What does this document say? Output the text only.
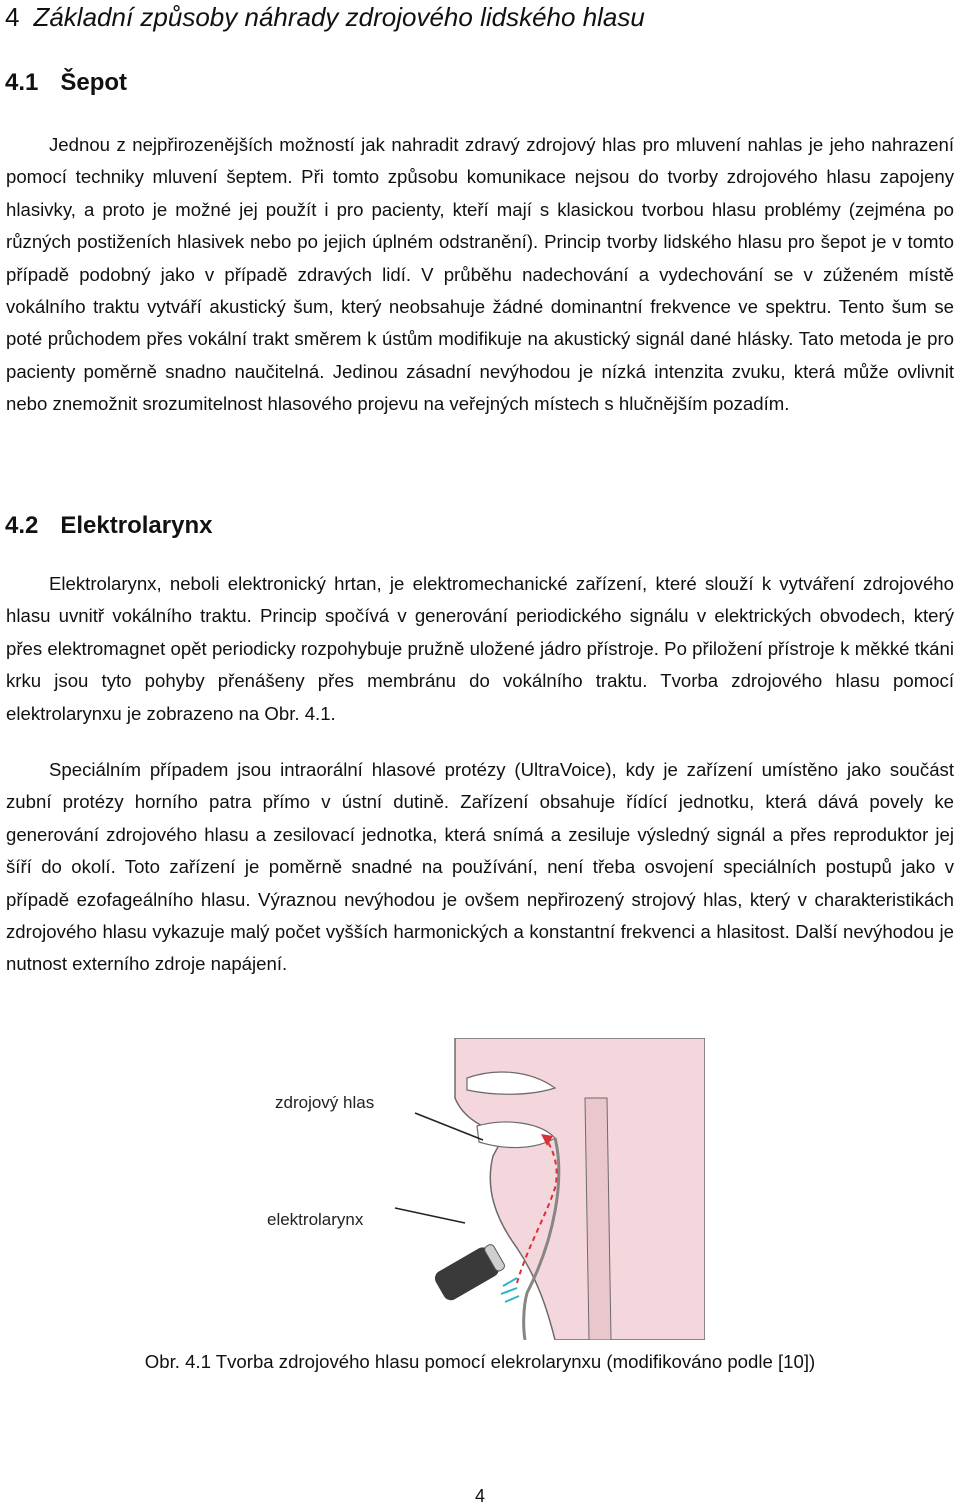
4 Základní způsoby náhrady zdrojového lidského hlasu
4.1 Šepot

Jednou z nejpřirozenějších možností jak nahradit zdravý zdrojový hlas pro mluvení nahlas je jeho nahrazení pomocí techniky mluvení šeptem. Při tomto způsobu komunikace nejsou do tvorby zdrojového hlasu zapojeny hlasivky, a proto je možné jej použít i pro pacienty, kteří mají s klasickou tvorbou hlasu problémy (zejména po různých postiženích hlasivek nebo po jejich úplném odstranění). Princip tvorby lidského hlasu pro šepot je v tomto případě podobný jako v případě zdravých lidí. V průběhu nadechování a vydechování se v zúženém místě vokálního traktu vytváří akustický šum, který neobsahuje žádné dominantní frekvence ve spektru. Tento šum se poté průchodem přes vokální trakt směrem k ústům modifikuje na akustický signál dané hlásky. Tato metoda je pro pacienty poměrně snadno naučitelná. Jedinou zásadní nevýhodou je nízká intenzita zvuku, která může ovlivnit nebo znemožnit srozumitelnost hlasového projevu na veřejných místech s hlučnějším pozadím.

4.2 Elektrolarynx

Elektrolarynx, neboli elektronický hrtan, je elektromechanické zařízení, které slouží k vytváření zdrojového hlasu uvnitř vokálního traktu. Princip spočívá v generování periodického signálu v elektrických obvodech, který přes elektromagnet opět periodicky rozpohybuje pružně uložené jádro přístroje. Po přiložení přístroje k měkké tkáni krku jsou tyto pohyby přenášeny přes membránu do vokálního traktu. Tvorba zdrojového hlasu pomocí elektrolarynxu je zobrazeno na Obr. 4.1.

Speciálním případem jsou intraorální hlasové protézy (UltraVoice), kdy je zařízení umístěno jako součást zubní protézy horního patra přímo v ústní dutině. Zařízení obsahuje řídící jednotku, která dává povely ke generování zdrojového hlasu a zesilovací jednotka, která snímá a zesiluje výsledný signál a přes reproduktor jej šíří do okolí. Toto zařízení je poměrně snadné na používání, není třeba osvojení speciálních postupů jako v případě ezofageálního hlasu. Výraznou nevýhodou je ovšem nepřirozený strojový hlas, který v charakteristikách zdrojového hlasu vykazuje malý počet vyšších harmonických a konstantní frekvenci a hlasitost. Další nevýhodou je nutnost externího zdroje napájení.

zdrojový hlas
elektrolarynx

Obr. 4.1 Tvorba zdrojového hlasu pomocí elekrolarynxu (modifikováno podle [10])

4
